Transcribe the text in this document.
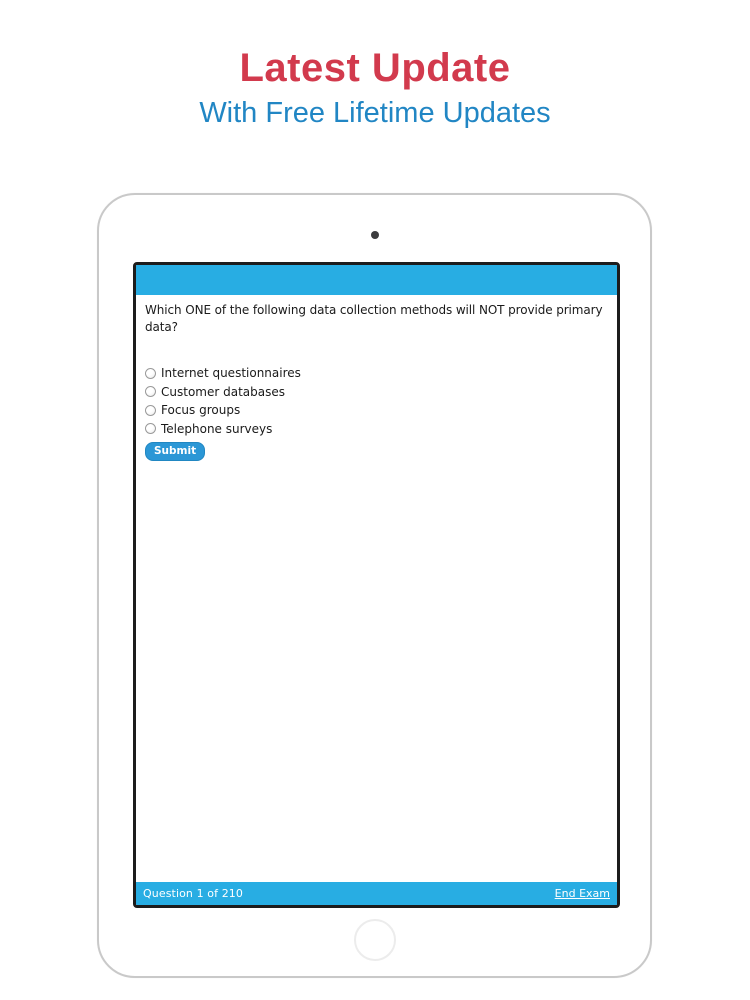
Latest Update
With Free Lifetime Updates
Which ONE of the following data collection methods will NOT provide primary data?
Internet questionnaires
Customer databases
Focus groups
Telephone surveys
Submit
Question 1 of 210	End Exam
